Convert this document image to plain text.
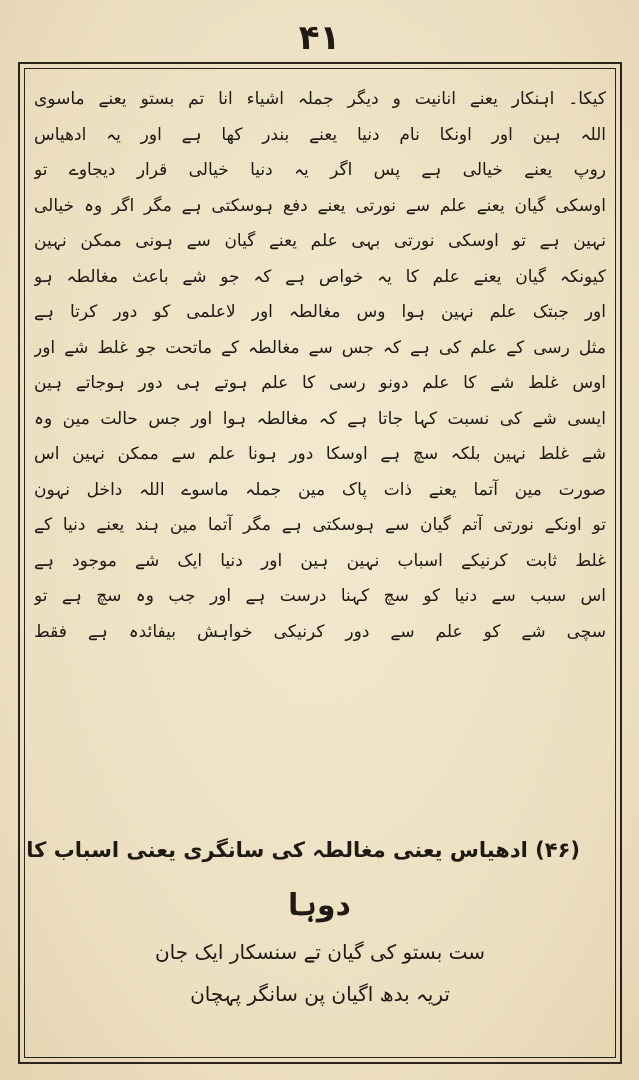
۴۱
کیکا۔ اہنکار یعنے انانیت و دیگر جملہ اشیاء انا تم بستو یعنے ماسوی
اللہ ہین اور اونکا نام دنیا یعنے بندر کھا ہے اور یہ ادھیاس
روپ یعنے خیالی ہے پس اگر یہ دنیا خیالی قرار دیجاوے تو
اوسکی گیان یعنے علم سے نورتی یعنے دفع ہوسکتی ہے مگر اگر وہ خیالی
نہین ہے تو اوسکی نورتی بہی علم یعنے گیان سے ہونی ممکن نہین
کیونکہ گیان یعنے علم کا یہ خواص ہے کہ جو شے باعث مغالطہ ہو
اور جبتک علم نہین ہوا وس مغالطہ اور لاعلمی کو دور کرتا ہے
مثل رسی کے علم کی ہے کہ جس سے مغالطہ کے ماتحت جو غلط شے اور
اوس غلط شے کا علم دونو رسی کا علم ہوتے ہی دور ہوجاتے ہین
ایسی شے کی نسبت کہا جاتا ہے کہ مغالطہ ہوا اور جس حالت مین وہ
شے غلط نہین بلکہ سچ ہے اوسکا دور ہونا علم سے ممکن نہین اس
صورت مین آتما یعنے ذات پاک مین جملہ ماسوے اللہ داخل نہون
تو اونکے نورتی آتم گیان سے ہوسکتی ہے مگر آتما مین ہند یعنے دنیا کے
غلط ثابت کرنیکے اسباب نہین ہین اور دنیا ایک شے موجود ہے
اس سبب سے دنیا کو سچ کہنا درست ہے اور جب وہ سچ ہے تو
سچی شے کو علم سے دور کرنیکی خواہش بیفائدہ ہے فقط
(۴۶) ادھیاس یعنی مغالطہ کی سانگری یعنی اسباب کا
دوہا
ست بستو کی گیان تے سنسکار ایک جان
تریہ بدھ اگیان پن سانگر پہچان
